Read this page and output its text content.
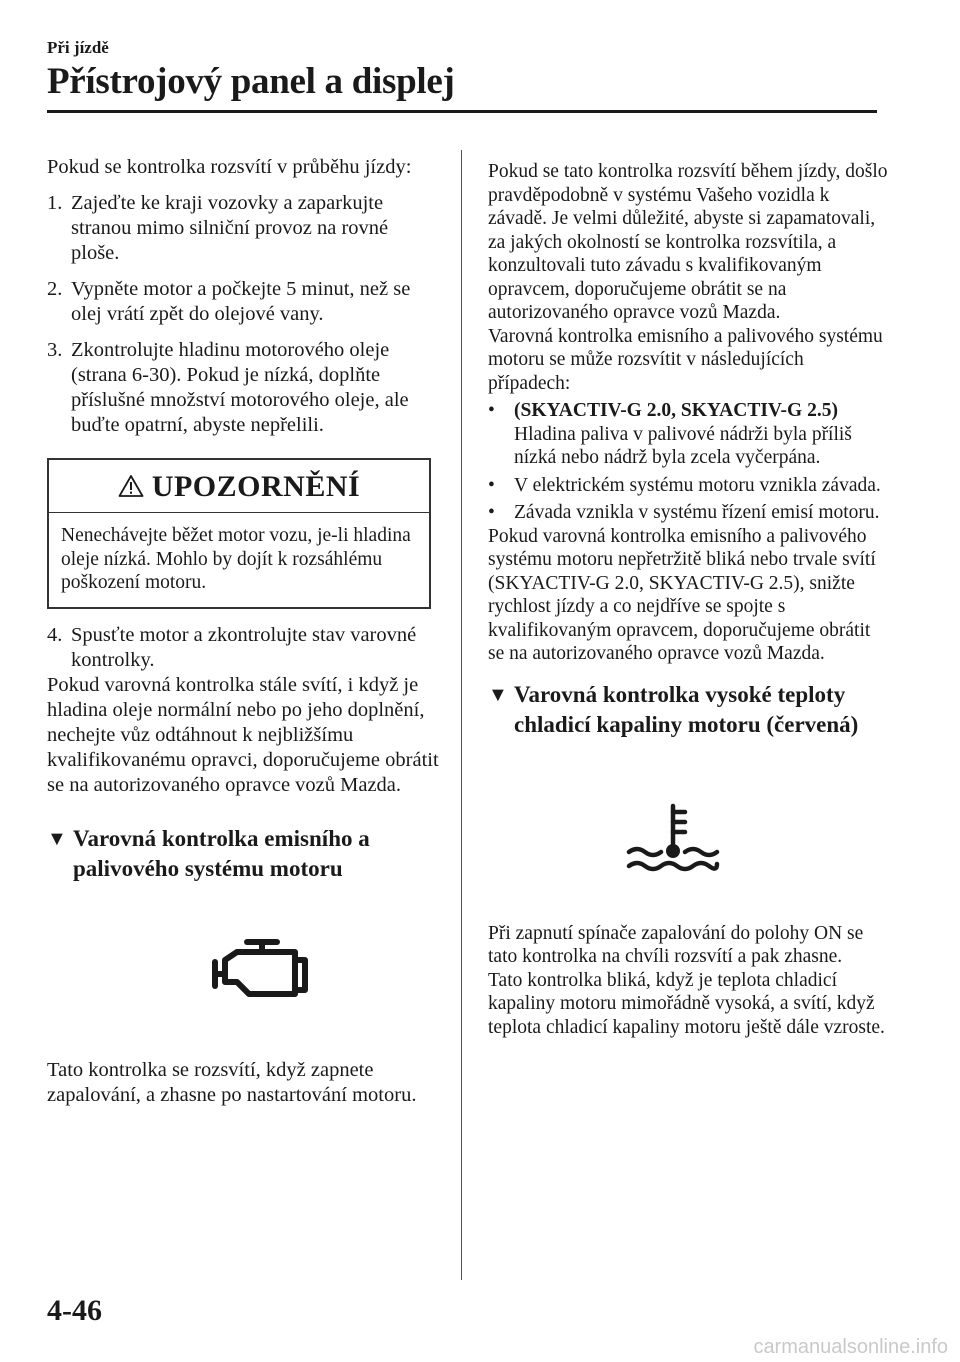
Při jízdě
Přístrojový panel a displej

Pokud se kontrolka rozsvítí v průběhu jízdy:

1. Zajeďte ke kraji vozovky a zaparkujte stranou mimo silniční provoz na rovné ploše.
2. Vypněte motor a počkejte 5 minut, než se olej vrátí zpět do olejové vany.
3. Zkontrolujte hladinu motorového oleje (strana 6-30). Pokud je nízká, doplňte příslušné množství motorového oleje, ale buďte opatrní, abyste nepřelili.
UPOZORNĚNÍ
Nenechávejte běžet motor vozu, je-li hladina oleje nízká. Mohlo by dojít k rozsáhlému poškození motoru.
4. Spusťte motor a zkontrolujte stav varovné kontrolky.

Pokud varovná kontrolka stále svítí, i když je hladina oleje normální nebo po jeho doplnění, nechejte vůz odtáhnout k nejbližšímu kvalifikovanému opravci, doporučujeme obrátit se na autorizovaného opravce vozů Mazda.

▼ Varovná kontrolka emisního a palivového systému motoru

Tato kontrolka se rozsvítí, když zapnete zapalování, a zhasne po nastartování motoru.

Pokud se tato kontrolka rozsvítí během jízdy, došlo pravděpodobně v systému Vašeho vozidla k závadě. Je velmi důležité, abyste si zapamatovali, za jakých okolností se kontrolka rozsvítila, a konzultovali tuto závadu s kvalifikovaným opravcem, doporučujeme obrátit se na autorizovaného opravce vozů Mazda.

Varovná kontrolka emisního a palivového systému motoru se může rozsvítit v následujících případech:

• (SKYACTIV-G 2.0, SKYACTIV-G 2.5)
Hladina paliva v palivové nádrži byla příliš nízká nebo nádrž byla zcela vyčerpána.
• V elektrickém systému motoru vznikla závada.
• Závada vznikla v systému řízení emisí motoru.

Pokud varovná kontrolka emisního a palivového systému motoru nepřetržitě bliká nebo trvale svítí (SKYACTIV-G 2.0, SKYACTIV-G 2.5), snižte rychlost jízdy a co nejdříve se spojte s kvalifikovaným opravcem, doporučujeme obrátit se na autorizovaného opravce vozů Mazda.

▼ Varovná kontrolka vysoké teploty chladicí kapaliny motoru (červená)

Při zapnutí spínače zapalování do polohy ON se tato kontrolka na chvíli rozsvítí a pak zhasne.

Tato kontrolka bliká, když je teplota chladicí kapaliny motoru mimořádně vysoká, a svítí, když teplota chladicí kapaliny motoru ještě dále vzroste.

4-46
carmanualsonline.info
